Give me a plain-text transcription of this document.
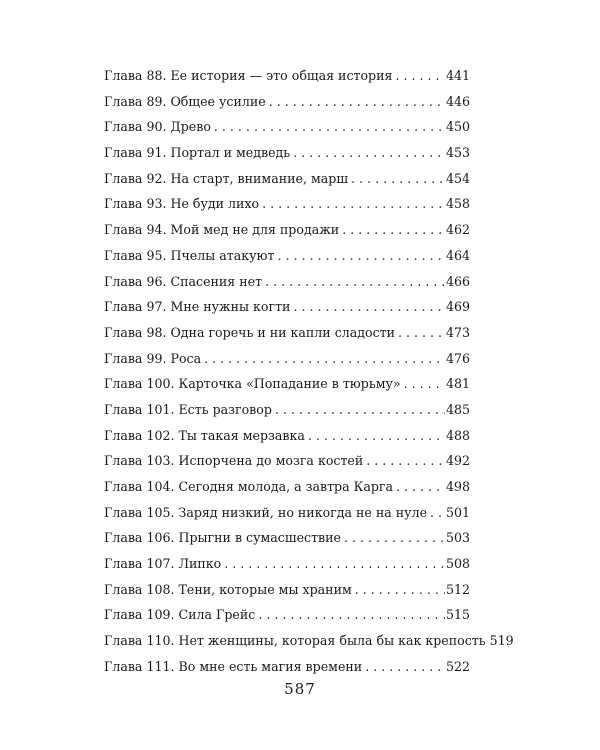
Глава 88. Ее история — это общая история . . .	441
Глава 89. Общее усилие . . .	446
Глава 90. Древо . . .	450
Глава 91. Портал и медведь . . .	453
Глава 92. На старт, внимание, марш . . .	454
Глава 93. Не буди лихо . . .	458
Глава 94. Мой мед не для продажи . . .	462
Глава 95. Пчелы атакуют . . .	464
Глава 96. Спасения нет . . .	466
Глава 97. Мне нужны когти . . .	469
Глава 98. Одна горечь и ни капли сладости . . .	473
Глава 99. Роса . . .	476
Глава 100. Карточка «Попадание в тюрьму» . . .	481
Глава 101. Есть разговор . . .	485
Глава 102. Ты такая мерзавка . . .	488
Глава 103. Испорчена до мозга костей . . .	492
Глава 104. Сегодня молода, а завтра Карга . . .	498
Глава 105. Заряд низкий, но никогда не на нуле . . . 501
Глава 106. Прыгни в сумасшествие . . .	503
Глава 107. Липко . . .	508
Глава 108. Тени, которые мы храним . . .	512
Глава 109. Сила Грейс . . .	515
Глава 110. Нет женщины, которая была бы как крепость 519
Глава 111. Во мне есть магия времени . . .	522
587
